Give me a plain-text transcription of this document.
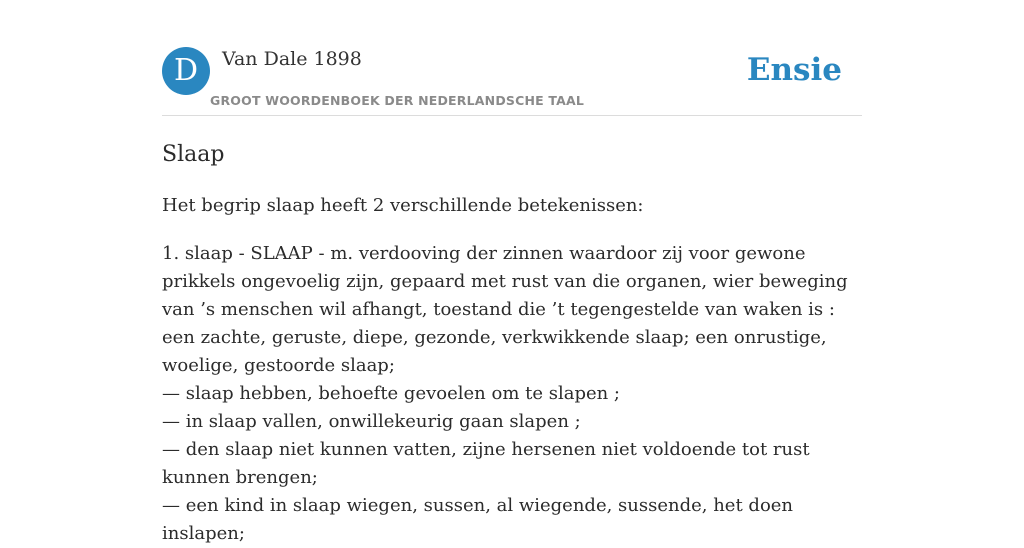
D	Van Dale 1898
GROOT WOORDENBOEK DER NEDERLANDSCHE TAAL
Ensie
Slaap

Het begrip slaap heeft 2 verschillende betekenissen:

1. slaap - SLAAP - m. verdooving der zinnen waardoor zij voor gewone prikkels ongevoelig zijn, gepaard met rust van die organen, wier beweging van ’s menschen wil afhangt, toestand die ’t tegengestelde van waken is : een zachte, geruste, diepe, gezonde, verkwikkende slaap; een onrustige, woelige, gestoorde slaap;

— slaap hebben, behoefte gevoelen om te slapen ;

— in slaap vallen, onwillekeurig gaan slapen ;

— den slaap niet kunnen vatten, zijne hersenen niet voldoende tot rust kunnen brengen;

— een kind in slaap wiegen, sussen, al wiegende, sussende, het doen inslapen;
